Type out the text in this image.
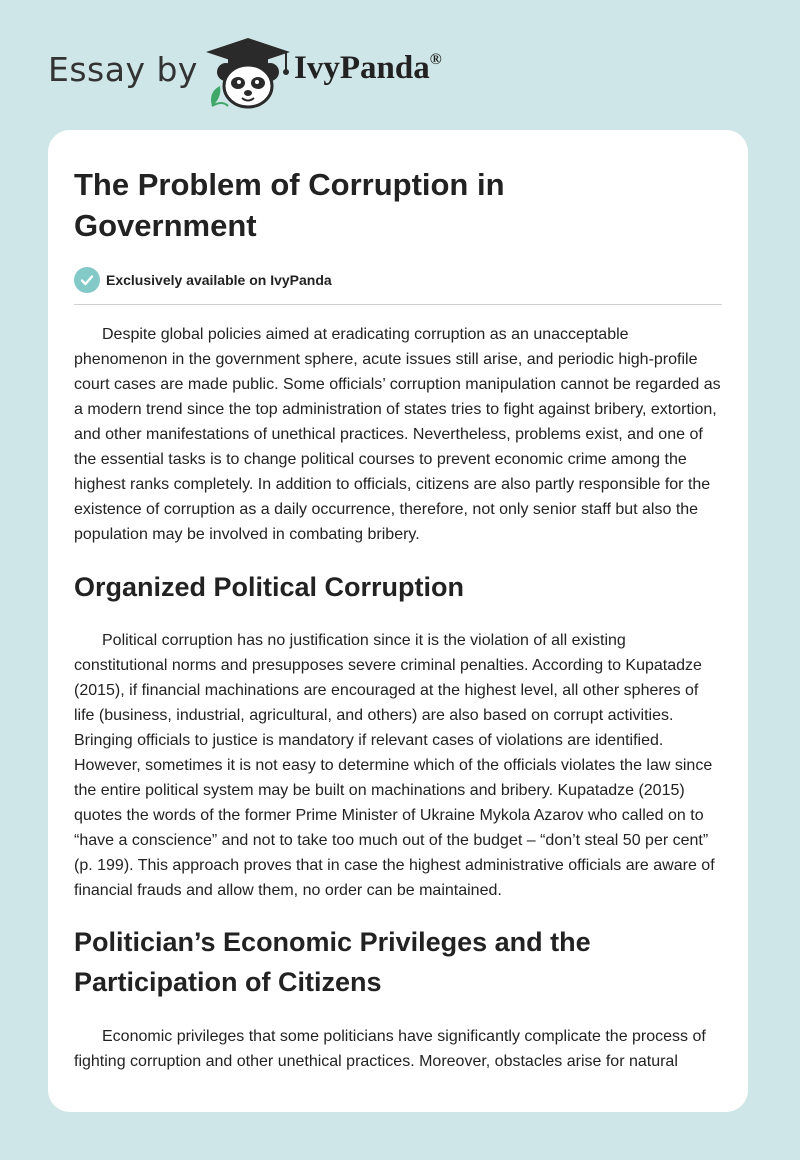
Essay by	IvyPanda®
The Problem of Corruption in Government
Exclusively available on IvyPanda

Despite global policies aimed at eradicating corruption as an unacceptable phenomenon in the government sphere, acute issues still arise, and periodic high-profile court cases are made public. Some officials’ corruption manipulation cannot be regarded as a modern trend since the top administration of states tries to fight against bribery, extortion, and other manifestations of unethical practices. Nevertheless, problems exist, and one of the essential tasks is to change political courses to prevent economic crime among the highest ranks completely. In addition to officials, citizens are also partly responsible for the existence of corruption as a daily occurrence, therefore, not only senior staff but also the population may be involved in combating bribery.

Organized Political Corruption

Political corruption has no justification since it is the violation of all existing constitutional norms and presupposes severe criminal penalties. According to Kupatadze (2015), if financial machinations are encouraged at the highest level, all other spheres of life (business, industrial, agricultural, and others) are also based on corrupt activities. Bringing officials to justice is mandatory if relevant cases of violations are identified. However, sometimes it is not easy to determine which of the officials violates the law since the entire political system may be built on machinations and bribery. Kupatadze (2015) quotes the words of the former Prime Minister of Ukraine Mykola Azarov who called on to “have a conscience” and not to take too much out of the budget – “don’t steal 50 per cent” (p. 199). This approach proves that in case the highest administrative officials are aware of financial frauds and allow them, no order can be maintained.

Politician’s Economic Privileges and the Participation of Citizens

Economic privileges that some politicians have significantly complicate the process of fighting corruption and other unethical practices. Moreover, obstacles arise for natural
